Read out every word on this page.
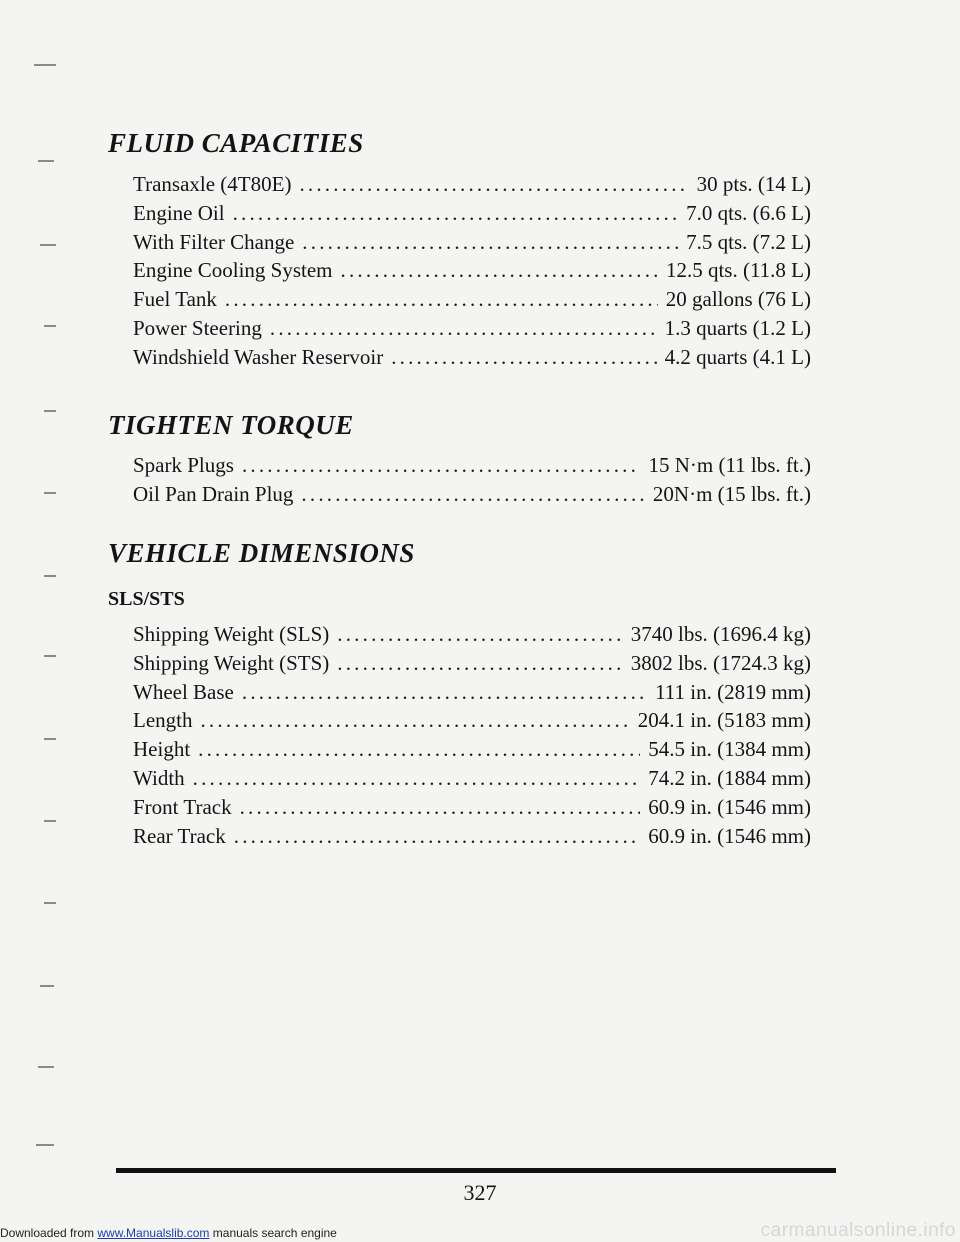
FLUID CAPACITIES
Transaxle (4T80E) .....	30 pts. (14 L)
Engine Oil .....	7.0 qts. (6.6 L)
With Filter Change .....	7.5 qts. (7.2 L)
Engine Cooling System .....	12.5 qts. (11.8 L)
Fuel Tank .....	20 gallons (76 L)
Power Steering .....	1.3 quarts (1.2 L)
Windshield Washer Reservoir .....	4.2 quarts (4.1 L)
TIGHTEN TORQUE
Spark Plugs .....	15 N·m (11 lbs. ft.)
Oil Pan Drain Plug .....	20N·m (15 lbs. ft.)
VEHICLE DIMENSIONS
SLS/STS
Shipping Weight (SLS) .....	3740 lbs. (1696.4 kg)
Shipping Weight (STS) .....	3802 lbs. (1724.3 kg)
Wheel Base .....	111 in. (2819 mm)
Length .....	204.1 in. (5183 mm)
Height .....	54.5 in. (1384 mm)
Width .....	74.2 in. (1884 mm)
Front Track .....	60.9 in. (1546 mm)
Rear Track .....	60.9 in. (1546 mm)
327
Downloaded from www.Manualslib.com manuals search engine	carmanualsonline.info
